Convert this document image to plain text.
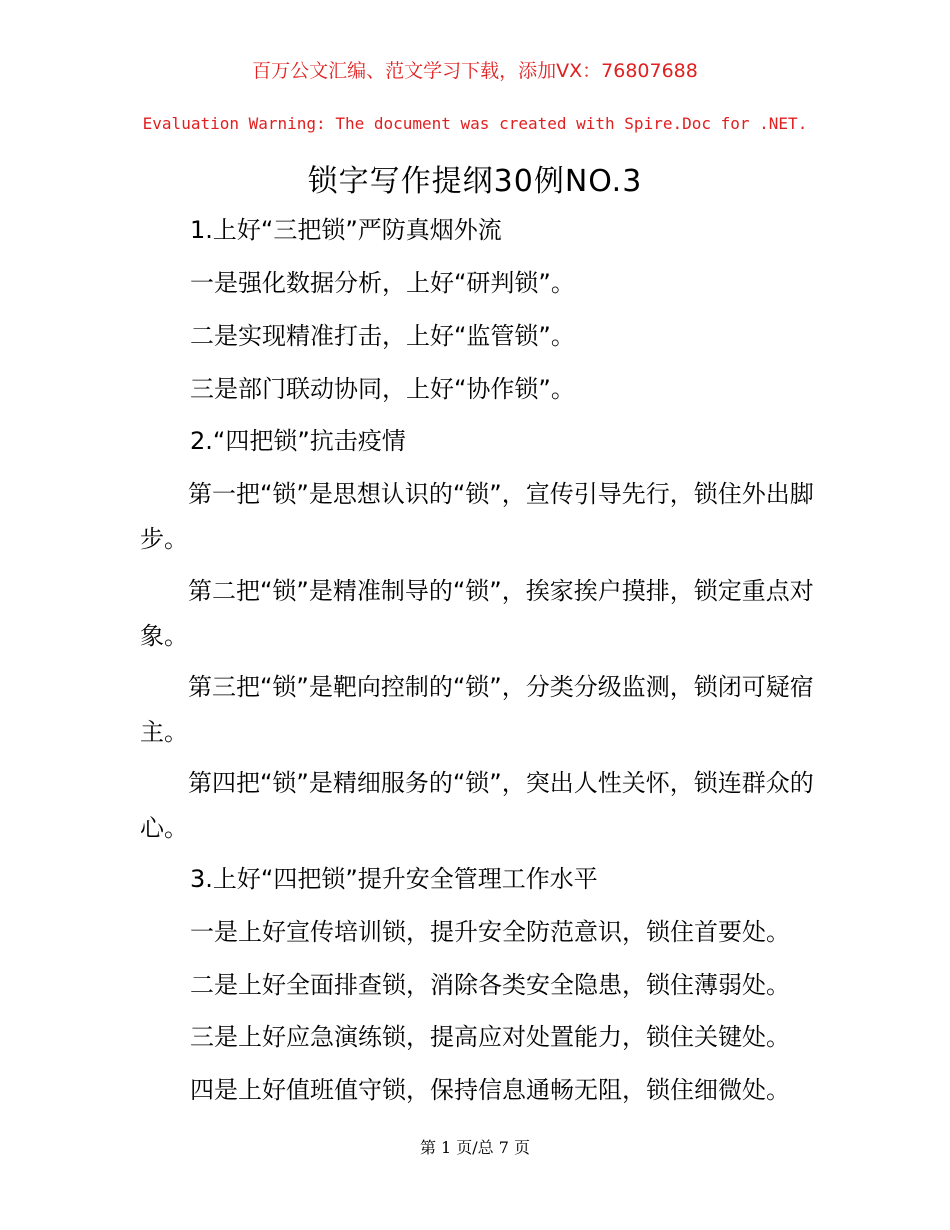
百万公文汇编、范文学习下载，添加VX：76807688
Evaluation Warning: The document was created with Spire.Doc for .NET.
锁字写作提纲30例NO.3
1.上好“三把锁”严防真烟外流
一是强化数据分析，上好“研判锁”。
二是实现精准打击，上好“监管锁”。
三是部门联动协同，上好“协作锁”。
2.“四把锁”抗击疫情
第一把“锁”是思想认识的“锁”，宣传引导先行，锁住外出脚步。
第二把“锁”是精准制导的“锁”，挨家挨户摸排，锁定重点对象。
第三把“锁”是靶向控制的“锁”，分类分级监测，锁闭可疑宿主。
第四把“锁”是精细服务的“锁”，突出人性关怀，锁连群众的心。
3.上好“四把锁”提升安全管理工作水平
一是上好宣传培训锁，提升安全防范意识，锁住首要处。
二是上好全面排查锁，消除各类安全隐患，锁住薄弱处。
三是上好应急演练锁，提高应对处置能力，锁住关键处。
四是上好值班值守锁，保持信息通畅无阻，锁住细微处。
第 1 页/总 7 页
